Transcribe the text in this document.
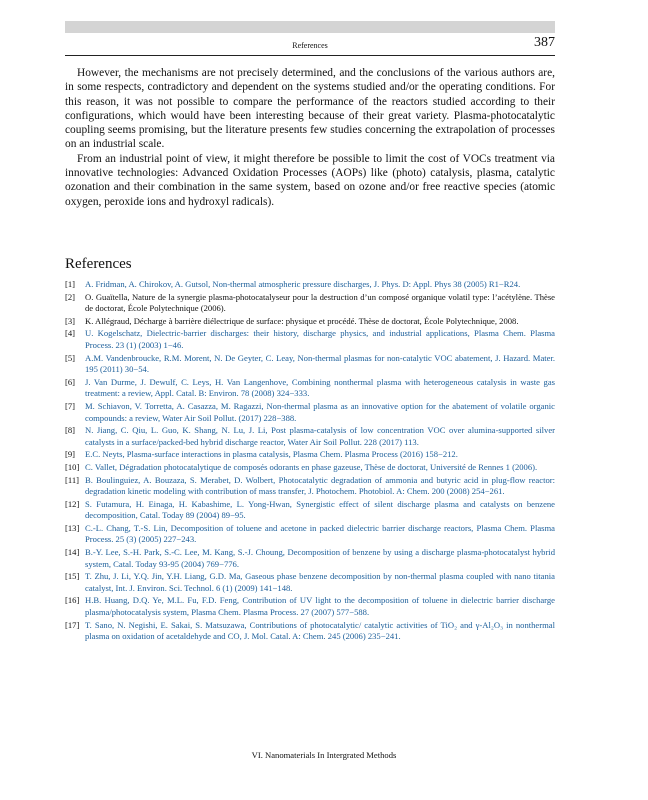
References	387

However, the mechanisms are not precisely determined, and the conclusions of the various authors are, in some respects, contradictory and dependent on the systems studied and/or the operating conditions. For this reason, it was not possible to compare the performance of the reactors studied according to their configurations, which would have been interesting because of their great variety. Plasma-photocatalytic coupling seems promising, but the literature presents few studies concerning the extrapolation of processes on an industrial scale.

From an industrial point of view, it might therefore be possible to limit the cost of VOCs treatment via innovative technologies: Advanced Oxidation Processes (AOPs) like (photo) catalysis, plasma, catalytic ozonation and their combination in the same system, based on ozone and/or free reactive species (atomic oxygen, peroxide ions and hydroxyl radicals).

References
[1]	A. Fridman, A. Chirokov, A. Gutsol, Non-thermal atmospheric pressure discharges, J. Phys. D: Appl. Phys 38 (2005) R1−R24.
[2]	O. Guaïtella, Nature de la synergie plasma-photocatalyseur pour la destruction d’un composé organique volatil type: l’acétylène. Thèse de doctorat, École Polytechnique (2006).
[3]	K. Allégraud, Décharge à barrière diélectrique de surface: physique et procédé. Thèse de doctorat, École Polytechnique, 2008.
[4]	U. Kogelschatz, Dielectric-barrier discharges: their history, discharge physics, and industrial applications, Plasma Chem. Plasma Process. 23 (1) (2003) 1−46.
[5]	A.M. Vandenbroucke, R.M. Morent, N. De Geyter, C. Leay, Non-thermal plasmas for non-catalytic VOC abatement, J. Hazard. Mater. 195 (2011) 30−54.
[6]	J. Van Durme, J. Dewulf, C. Leys, H. Van Langenhove, Combining nonthermal plasma with heterogeneous catalysis in waste gas treatment: a review, Appl. Catal. B: Environ. 78 (2008) 324−333.
[7]	M. Schiavon, V. Torretta, A. Casazza, M. Ragazzi, Non-thermal plasma as an innovative option for the abatement of volatile organic compounds: a review, Water Air Soil Pollut. (2017) 228−388.
[8]	N. Jiang, C. Qiu, L. Guo, K. Shang, N. Lu, J. Li, Post plasma-catalysis of low concentration VOC over alumina-supported silver catalysts in a surface/packed-bed hybrid discharge reactor, Water Air Soil Pollut. 228 (2017) 113.
[9]	E.C. Neyts, Plasma-surface interactions in plasma catalysis, Plasma Chem. Plasma Process (2016) 158−212.
[10] C. Vallet, Dégradation photocatalytique de composés odorants en phase gazeuse, Thèse de doctorat, Université de Rennes 1 (2006).
[11] B. Boulinguiez, A. Bouzaza, S. Merabet, D. Wolbert, Photocatalytic degradation of ammonia and butyric acid in plug-flow reactor: degradation kinetic modeling with contribution of mass transfer, J. Photochem. Photobiol. A: Chem. 200 (2008) 254−261.
[12] S. Futamura, H. Einaga, H. Kabashime, L. Yong-Hwan, Synergistic effect of silent discharge plasma and catalysts on benzene decomposition, Catal. Today 89 (2004) 89−95.
[13] C.-L. Chang, T.-S. Lin, Decomposition of toluene and acetone in packed dielectric barrier discharge reactors, Plasma Chem. Plasma Process. 25 (3) (2005) 227−243.
[14] B.-Y. Lee, S.-H. Park, S.-C. Lee, M. Kang, S.-J. Choung, Decomposition of benzene by using a discharge plasma-photocatalyst hybrid system, Catal. Today 93-95 (2004) 769−776.
[15] T. Zhu, J. Li, Y.Q. Jin, Y.H. Liang, G.D. Ma, Gaseous phase benzene decomposition by non-thermal plasma coupled with nano titania catalyst, Int. J. Environ. Sci. Technol. 6 (1) (2009) 141−148.
[16] H.B. Huang, D.Q. Ye, M.L. Fu, F.D. Feng, Contribution of UV light to the decomposition of toluene in dielectric barrier discharge plasma/photocatalysis system, Plasma Chem. Plasma Process. 27 (2007) 577−588.
[17] T. Sano, N. Negishi, E. Sakai, S. Matsuzawa, Contributions of photocatalytic/ catalytic activities of TiO₂ and γ-Al₂O₃ in nonthermal plasma on oxidation of acetaldehyde and CO, J. Mol. Catal. A: Chem. 245 (2006) 235−241.
VI. Nanomaterials In Intergrated Methods
